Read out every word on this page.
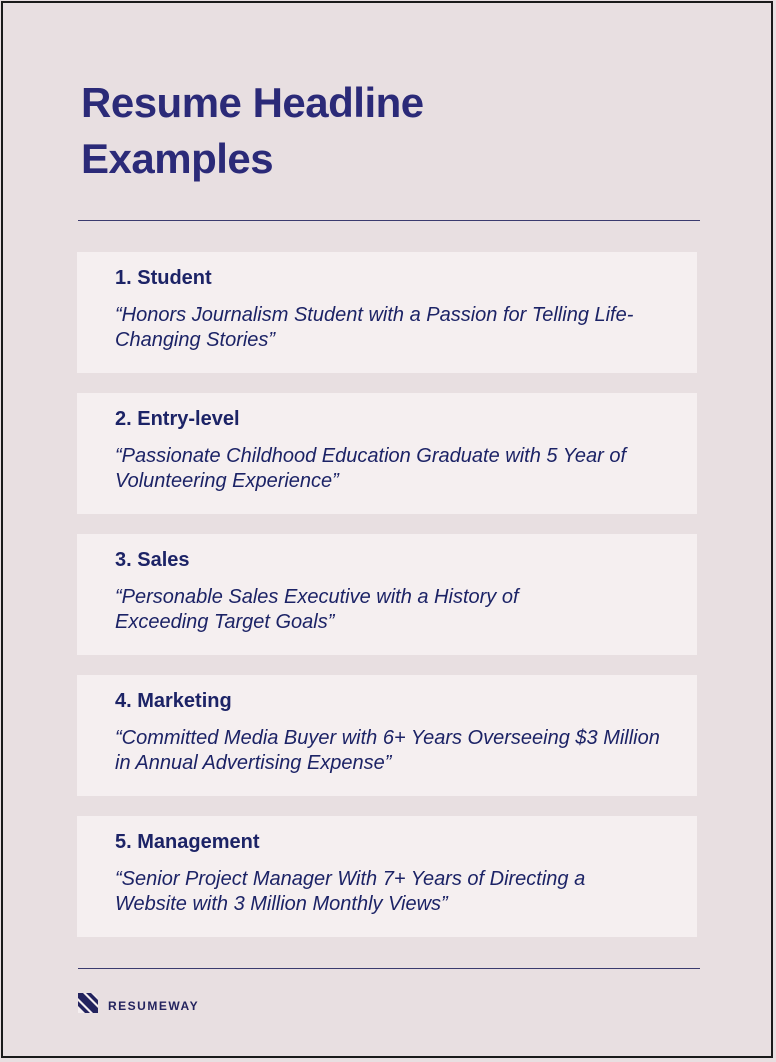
Resume Headline
Examples

1. Student

“Honors Journalism Student with a Passion for Telling Life-Changing Stories”

2. Entry-level

“Passionate Childhood Education Graduate with 5 Year of Volunteering Experience”

3. Sales

“Personable Sales Executive with a History of Exceeding Target Goals”

4. Marketing

“Committed Media Buyer with 6+ Years Overseeing $3 Million in Annual Advertising Expense”

5. Management

“Senior Project Manager With 7+ Years of Directing a Website with 3 Million Monthly Views”

RESUMEWAY
